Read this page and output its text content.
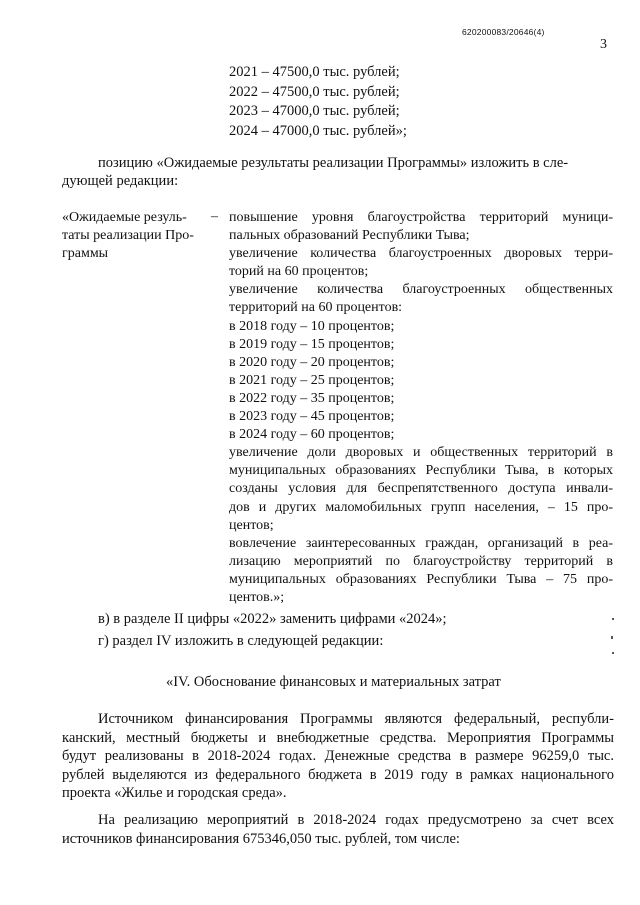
620200083/20646(4)
3
2021 – 47500,0 тыс. рублей;
2022 – 47500,0 тыс. рублей;
2023 – 47000,0 тыс. рублей;
2024 – 47000,0 тыс. рублей»;
позицию «Ожидаемые результаты реализации Программы» изложить в сле-
дующей редакции:
«Ожидаемые резуль-
таты реализации Про-
граммы
– повышение уровня благоустройства территорий муници-
пальных образований Республики Тыва;
увеличение количества благоустроенных дворовых терри-
торий на 60 процентов;
увеличение количества благоустроенных общественных
территорий на 60 процентов:
в 2018 году – 10 процентов;
в 2019 году – 15 процентов;
в 2020 году – 20 процентов;
в 2021 году – 25 процентов;
в 2022 году – 35 процентов;
в 2023 году – 45 процентов;
в 2024 году – 60 процентов;
увеличение доли дворовых и общественных территорий в
муниципальных образованиях Республики Тыва, в которых
созданы условия для беспрепятственного доступа инвали-
дов и других маломобильных групп населения, – 15 про-
центов;
вовлечение заинтересованных граждан, организаций в реа-
лизацию мероприятий по благоустройству территорий в
муниципальных образованиях Республики Тыва – 75 про-
центов.»;
в) в разделе II цифры «2022» заменить цифрами «2024»;
г) раздел IV изложить в следующей редакции:
«IV. Обоснование финансовых и материальных затрат
Источником финансирования Программы являются федеральный, республи-
канский, местный бюджеты и внебюджетные средства. Мероприятия Программы
будут реализованы в 2018-2024 годах. Денежные средства в размере 96259,0 тыс.
рублей выделяются из федерального бюджета в 2019 году в рамках национального
проекта «Жилье и городская среда».
На реализацию мероприятий в 2018-2024 годах предусмотрено за счет всех
источников финансирования 675346,050 тыс. рублей, том числе:
